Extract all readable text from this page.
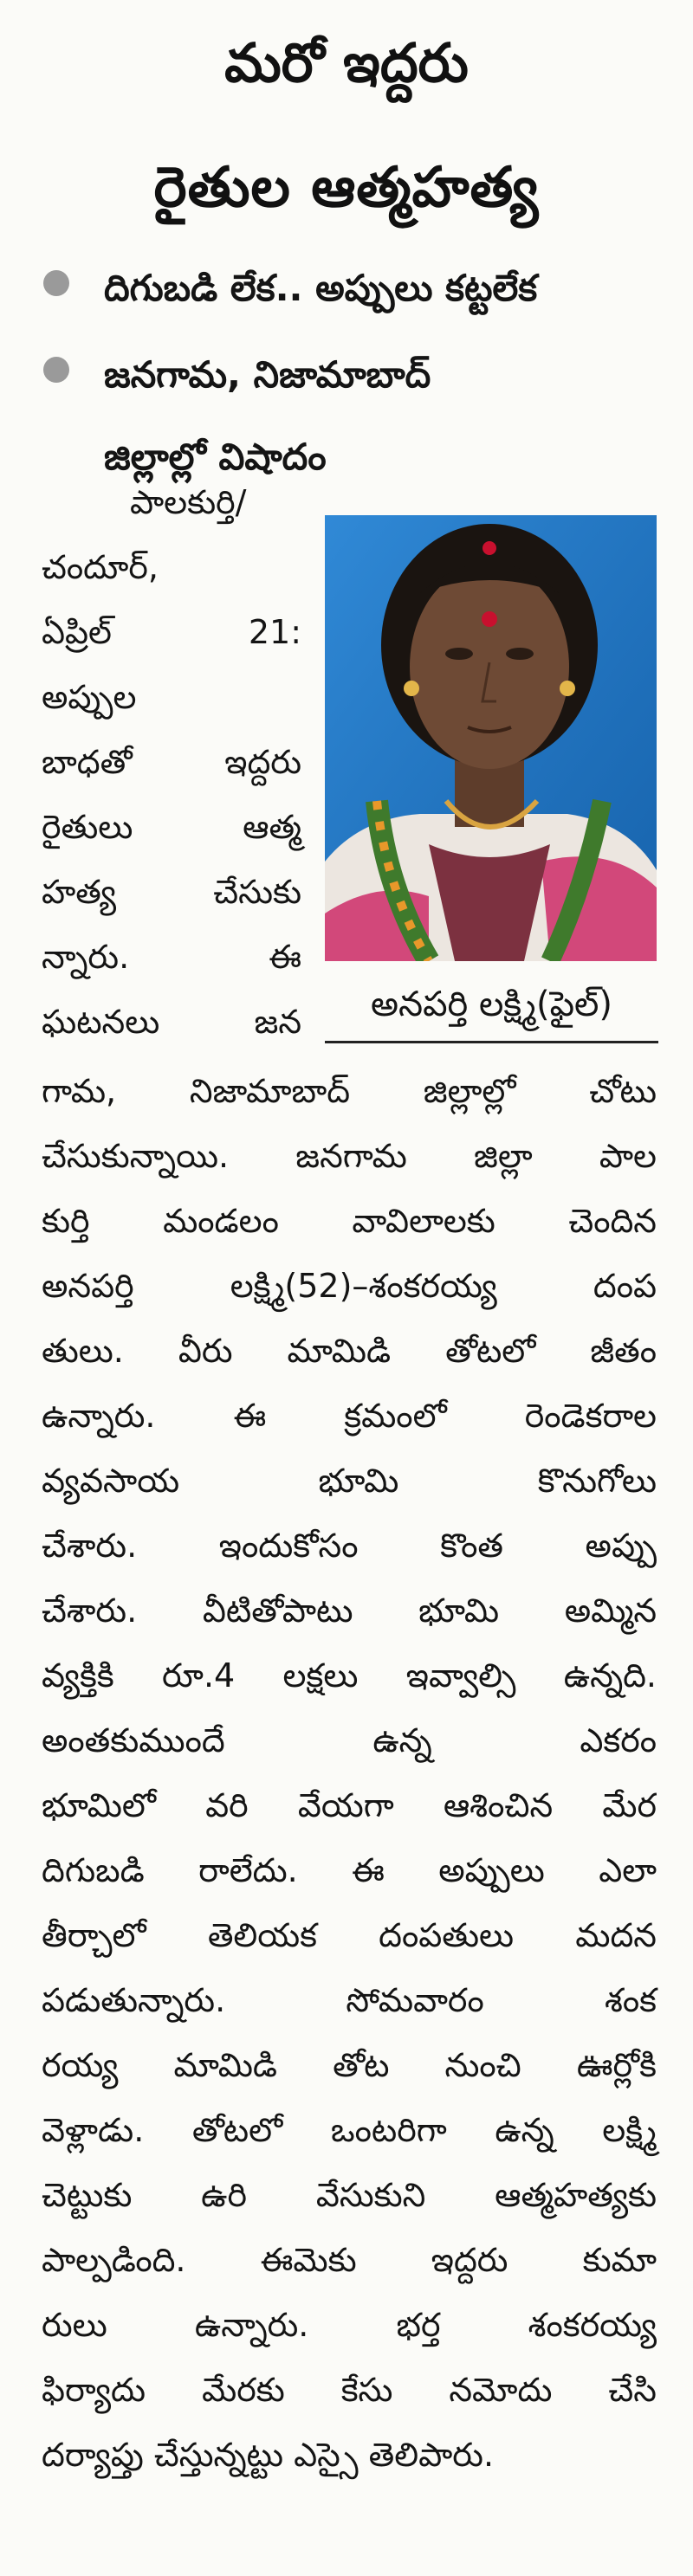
మరో ఇద్దరు
రైతుల ఆత్మహత్య
దిగుబడి లేక.. అప్పులు కట్టలేక
జనగామ, నిజామాబాద్
జిల్లాల్లో విషాదం
అనపర్తి లక్ష్మి(ఫైల్)
పాలకుర్తి/
చందూర్,
ఏప్రిల్ 21:
అప్పుల
బాధతో ఇద్దరు
రైతులు ఆత్మ
హత్య చేసుకు
న్నారు. ఈ
ఘటనలు జన
గామ, నిజామాబాద్ జిల్లాల్లో చోటు
చేసుకున్నాయి. జనగామ జిల్లా పాల
కుర్తి మండలం వావిలాలకు చెందిన
అనపర్తి లక్ష్మి(52)–శంకరయ్య దంప
తులు. వీరు మామిడి తోటలో జీతం
ఉన్నారు. ఈ క్రమంలో రెండెకరాల
వ్యవసాయ భూమి కొనుగోలు
చేశారు. ఇందుకోసం కొంత అప్పు
చేశారు. వీటితోపాటు భూమి అమ్మిన
వ్యక్తికి రూ.4 లక్షలు ఇవ్వాల్సి ఉన్నది.
అంతకుముందే ఉన్న ఎకరం
భూమిలో వరి వేయగా ఆశించిన మేర
దిగుబడి రాలేదు. ఈ అప్పులు ఎలా
తీర్చాలో తెలియక దంపతులు మదన
పడుతున్నారు. సోమవారం శంక
రయ్య మామిడి తోట నుంచి ఊర్లోకి
వెళ్లాడు. తోటలో ఒంటరిగా ఉన్న లక్ష్మి
చెట్టుకు ఉరి వేసుకుని ఆత్మహత్యకు
పాల్పడింది. ఈమెకు ఇద్దరు కుమా
రులు ఉన్నారు. భర్త శంకరయ్య
ఫిర్యాదు మేరకు కేసు నమోదు చేసి
దర్యాప్తు చేస్తున్నట్టు ఎస్సై తెలిపారు.
